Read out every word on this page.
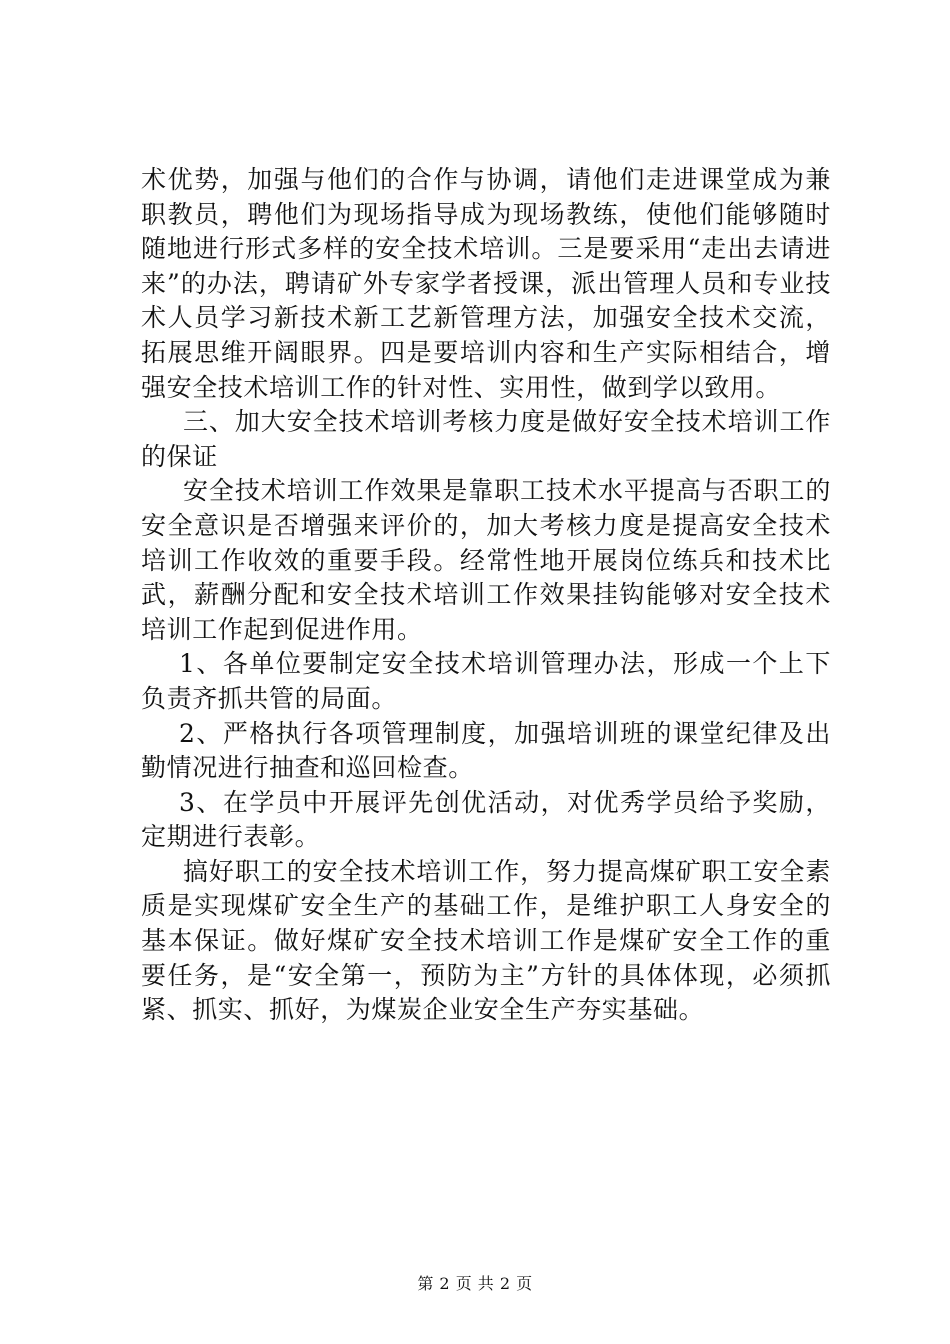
术优势，加强与他们的合作与协调，请他们走进课堂成为兼职教员，聘他们为现场指导成为现场教练，使他们能够随时随地进行形式多样的安全技术培训。三是要采用“走出去请进来”的办法，聘请矿外专家学者授课，派出管理人员和专业技术人员学习新技术新工艺新管理方法，加强安全技术交流，拓展思维开阔眼界。四是要培训内容和生产实际相结合，增强安全技术培训工作的针对性、实用性，做到学以致用。

三、加大安全技术培训考核力度是做好安全技术培训工作的保证

安全技术培训工作效果是靠职工技术水平提高与否职工的安全意识是否增强来评价的，加大考核力度是提高安全技术培训工作收效的重要手段。经常性地开展岗位练兵和技术比武，薪酬分配和安全技术培训工作效果挂钩能够对安全技术培训工作起到促进作用。

1、各单位要制定安全技术培训管理办法，形成一个上下负责齐抓共管的局面。

2、严格执行各项管理制度，加强培训班的课堂纪律及出勤情况进行抽查和巡回检查。

3、在学员中开展评先创优活动，对优秀学员给予奖励，定期进行表彰。

搞好职工的安全技术培训工作，努力提高煤矿职工安全素质是实现煤矿安全生产的基础工作，是维护职工人身安全的基本保证。做好煤矿安全技术培训工作是煤矿安全工作的重要任务，是“安全第一，预防为主”方针的具体体现，必须抓紧、抓实、抓好，为煤炭企业安全生产夯实基础。

第 2 页 共 2 页
